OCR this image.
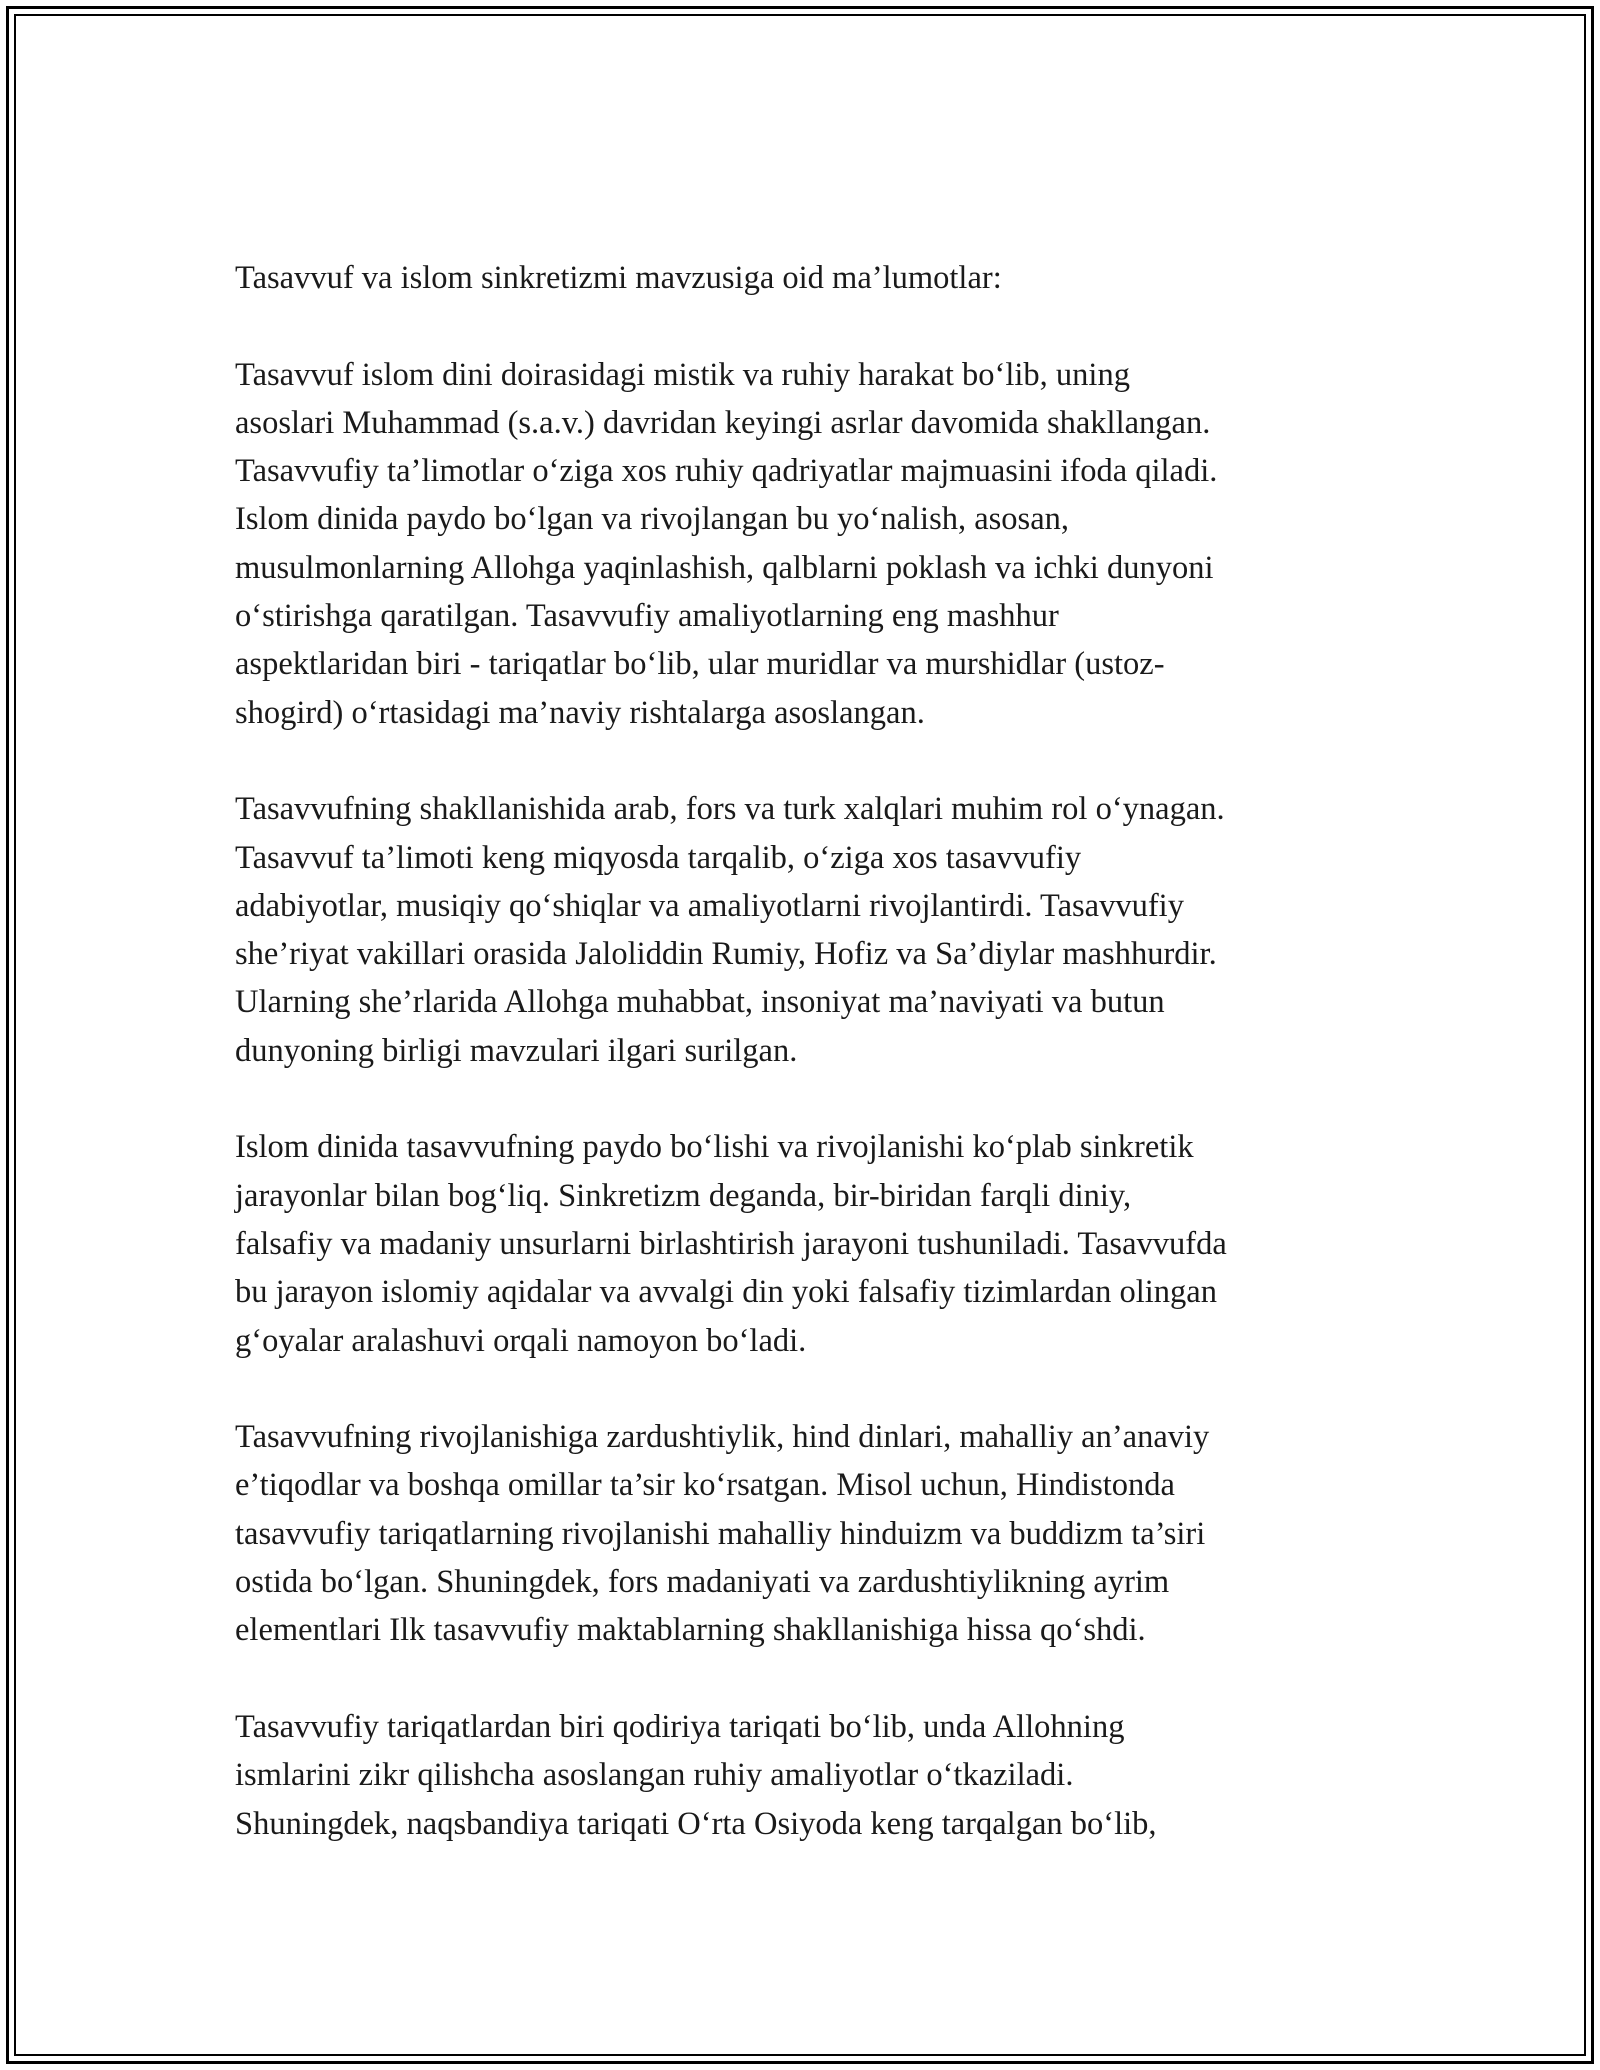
Tasavvuf va islom sinkretizmi mavzusiga oid ma’lumotlar:

Tasavvuf islom dini doirasidagi mistik va ruhiy harakat bo‘lib, uning
asoslari Muhammad (s.a.v.) davridan keyingi asrlar davomida shakllangan.
Tasavvufiy ta’limotlar o‘ziga xos ruhiy qadriyatlar majmuasini ifoda qiladi.
Islom dinida paydo bo‘lgan va rivojlangan bu yo‘nalish, asosan,
musulmonlarning Allohga yaqinlashish, qalblarni poklash va ichki dunyoni
o‘stirishga qaratilgan. Tasavvufiy amaliyotlarning eng mashhur
aspektlaridan biri - tariqatlar bo‘lib, ular muridlar va murshidlar (ustoz-
shogird) o‘rtasidagi ma’naviy rishtalarga asoslangan.

Tasavvufning shakllanishida arab, fors va turk xalqlari muhim rol o‘ynagan.
Tasavvuf ta’limoti keng miqyosda tarqalib, o‘ziga xos tasavvufiy
adabiyotlar, musiqiy qo‘shiqlar va amaliyotlarni rivojlantirdi. Tasavvufiy
she’riyat vakillari orasida Jaloliddin Rumiy, Hofiz va Sa’diylar mashhurdir.
Ularning she’rlarida Allohga muhabbat, insoniyat ma’naviyati va butun
dunyoning birligi mavzulari ilgari surilgan.

Islom dinida tasavvufning paydo bo‘lishi va rivojlanishi ko‘plab sinkretik
jarayonlar bilan bog‘liq. Sinkretizm deganda, bir-biridan farqli diniy,
falsafiy va madaniy unsurlarni birlashtirish jarayoni tushuniladi. Tasavvufda
bu jarayon islomiy aqidalar va avvalgi din yoki falsafiy tizimlardan olingan
g‘oyalar aralashuvi orqali namoyon bo‘ladi.

Tasavvufning rivojlanishiga zardushtiylik, hind dinlari, mahalliy an’anaviy
e’tiqodlar va boshqa omillar ta’sir ko‘rsatgan. Misol uchun, Hindistonda
tasavvufiy tariqatlarning rivojlanishi mahalliy hinduizm va buddizm ta’siri
ostida bo‘lgan. Shuningdek, fors madaniyati va zardushtiylikning ayrim
elementlari Ilk tasavvufiy maktablarning shakllanishiga hissa qo‘shdi.

Tasavvufiy tariqatlardan biri qodiriya tariqati bo‘lib, unda Allohning
ismlarini zikr qilishcha asoslangan ruhiy amaliyotlar o‘tkaziladi.
Shuningdek, naqsbandiya tariqati O‘rta Osiyoda keng tarqalgan bo‘lib,
